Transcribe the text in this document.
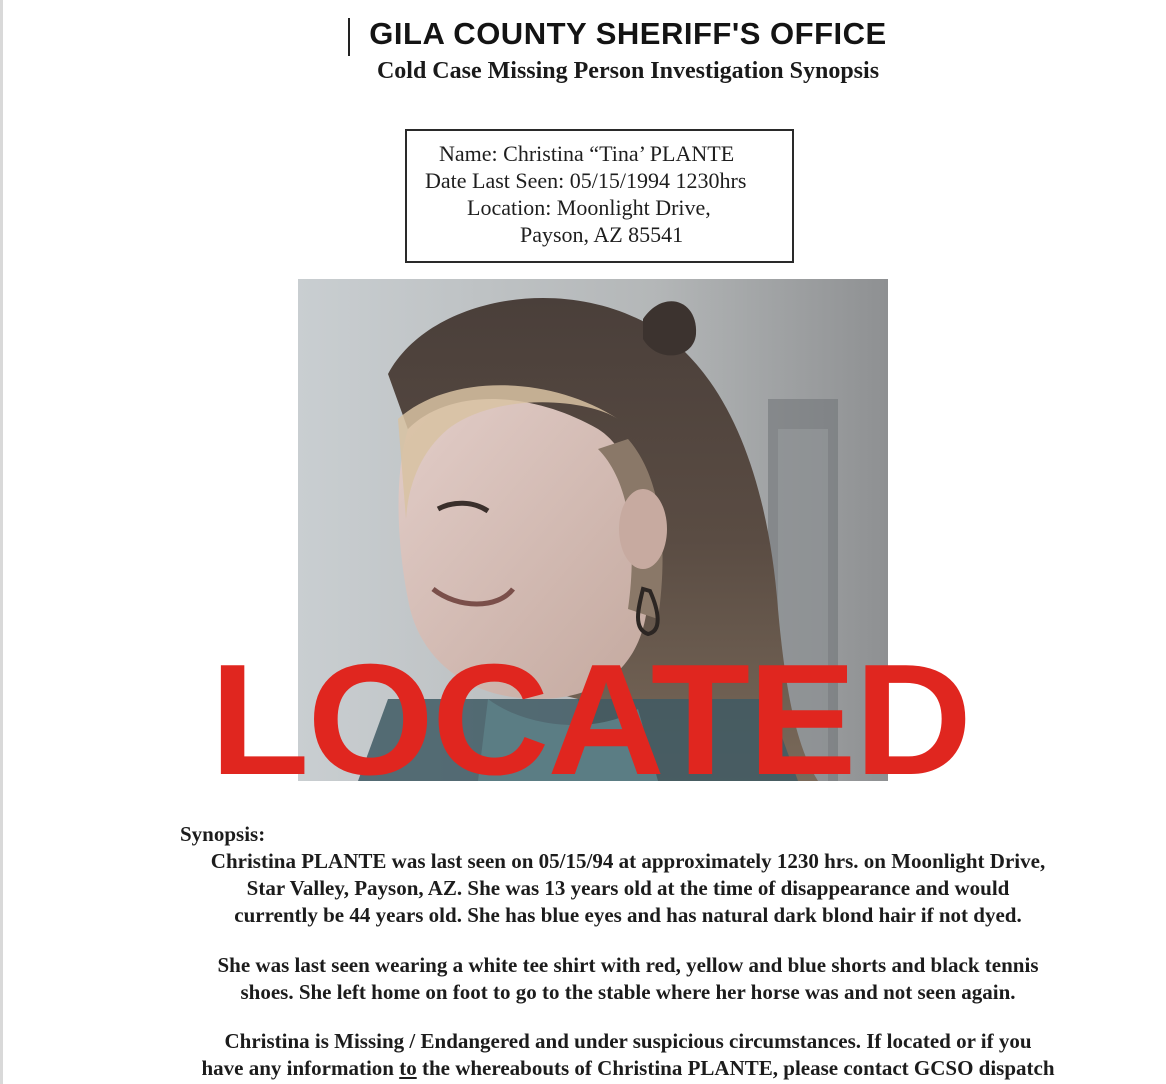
GILA COUNTY SHERIFF'S OFFICE
Cold Case Missing Person Investigation Synopsis
Name: Christina “Tina’ PLANTE
Date Last Seen: 05/15/1994 1230hrs
Location: Moonlight Drive,
Payson, AZ 85541
LOCATED
Synopsis:
Christina PLANTE was last seen on 05/15/94 at approximately 1230 hrs. on Moonlight Drive,
Star Valley, Payson, AZ. She was 13 years old at the time of disappearance and would
currently be 44 years old. She has blue eyes and has natural dark blond hair if not dyed.
She was last seen wearing a white tee shirt with red, yellow and blue shorts and black tennis
shoes. She left home on foot to go to the stable where her horse was and not seen again.
Christina is Missing / Endangered and under suspicious circumstances. If located or if you
have any information to the whereabouts of Christina PLANTE, please contact GCSO dispatch
